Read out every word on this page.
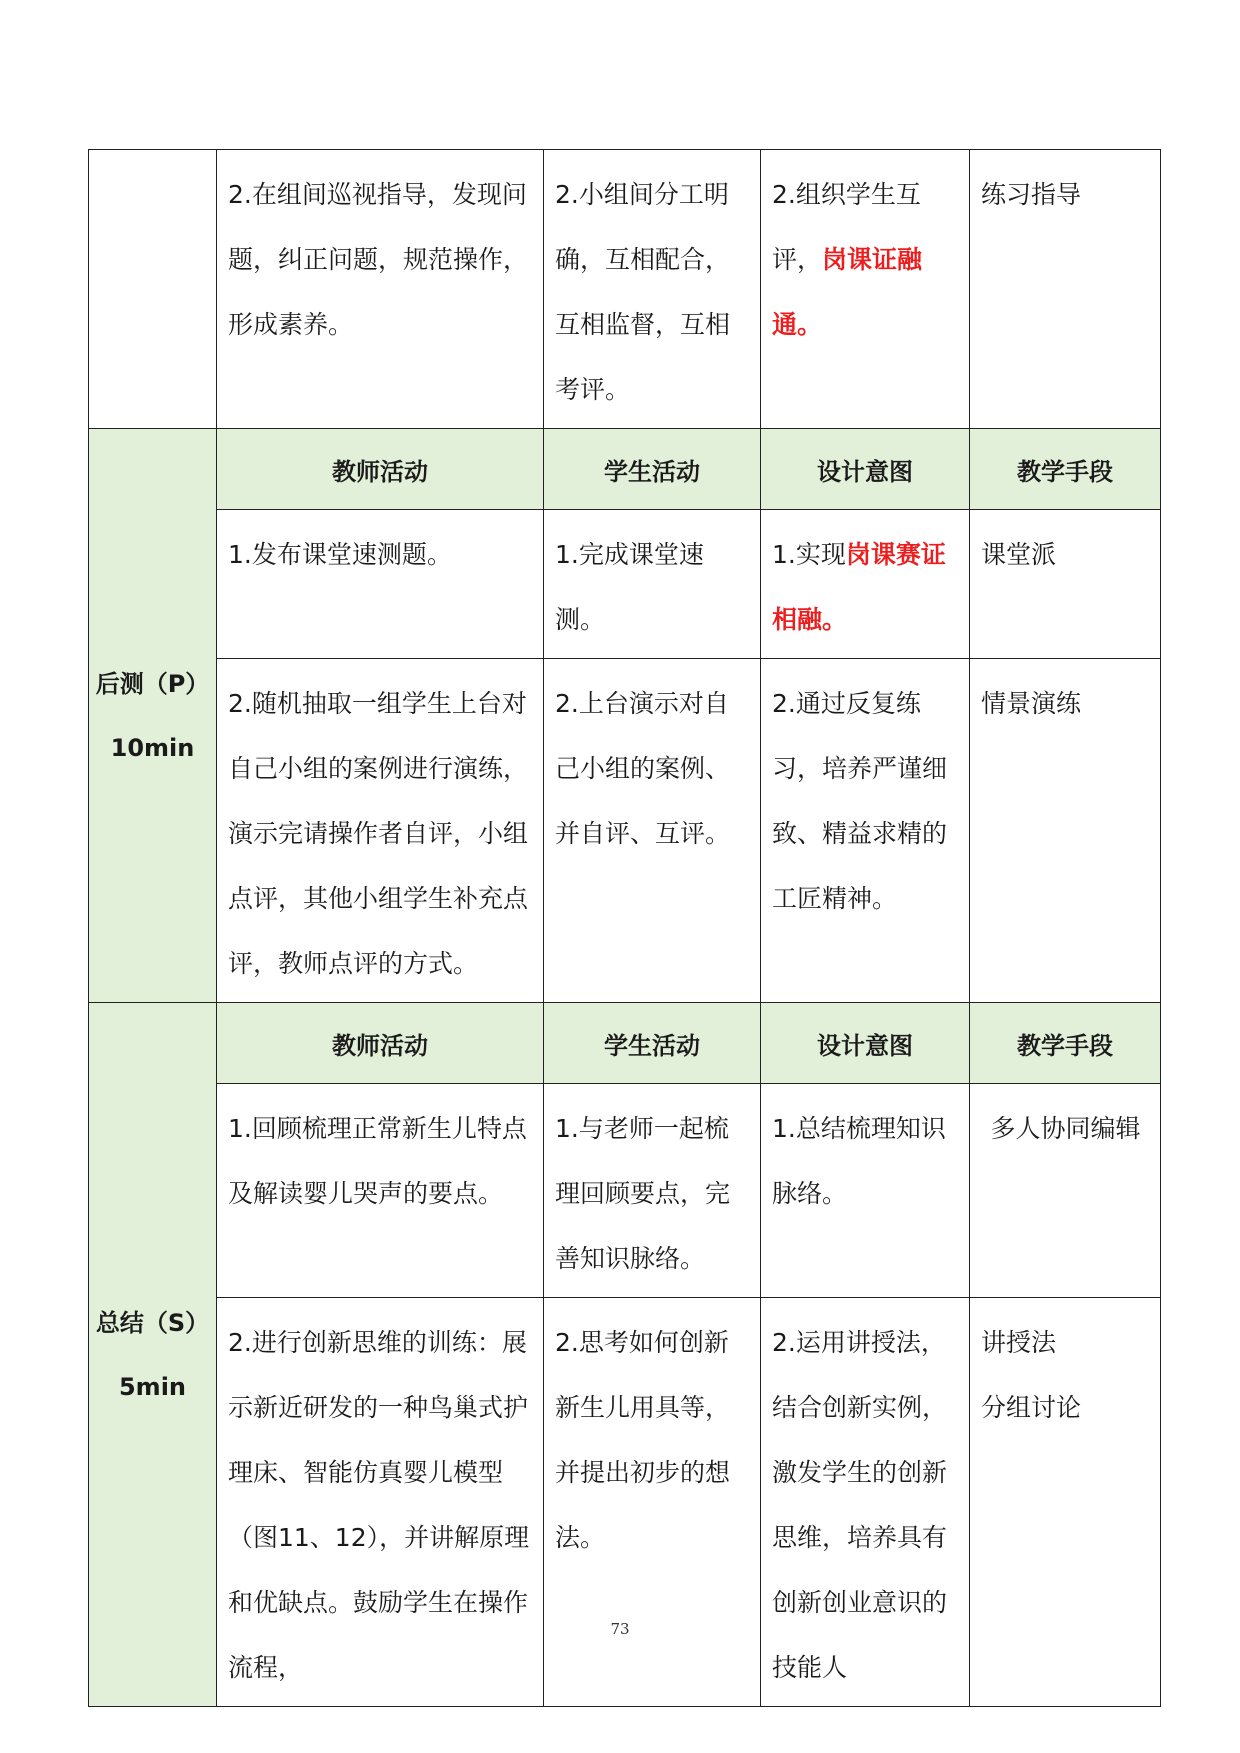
	2.在组间巡视指导，发现问题，纠正问题，规范操作，形成素养。	2.小组间分工明确，互相配合，互相监督，互相考评。	2.组织学生互评，岗课证融通。	练习指导

后测（P）
10min	教师活动	学生活动	设计意图	教学手段
	1.发布课堂速测题。	1.完成课堂速测。	1.实现岗课赛证相融。	课堂派
	2.随机抽取一组学生上台对自己小组的案例进行演练，演示完请操作者自评，小组点评，其他小组学生补充点评，教师点评的方式。	2.上台演示对自己小组的案例、并自评、互评。	2.通过反复练习，培养严谨细致、精益求精的工匠精神。	情景演练

总结（S）
5min	教师活动	学生活动	设计意图	教学手段
	1.回顾梳理正常新生儿特点及解读婴儿哭声的要点。	1.与老师一起梳理回顾要点，完善知识脉络。	1.总结梳理知识脉络。	多人协同编辑
	2.进行创新思维的训练：展示新近研发的一种鸟巢式护理床、智能仿真婴儿模型（图11、12），并讲解原理和优缺点。鼓励学生在操作流程，	2.思考如何创新新生儿用具等，并提出初步的想法。	2.运用讲授法，结合创新实例，激发学生的创新思维，培养具有创新创业意识的技能人	讲授法
分组讨论
73
